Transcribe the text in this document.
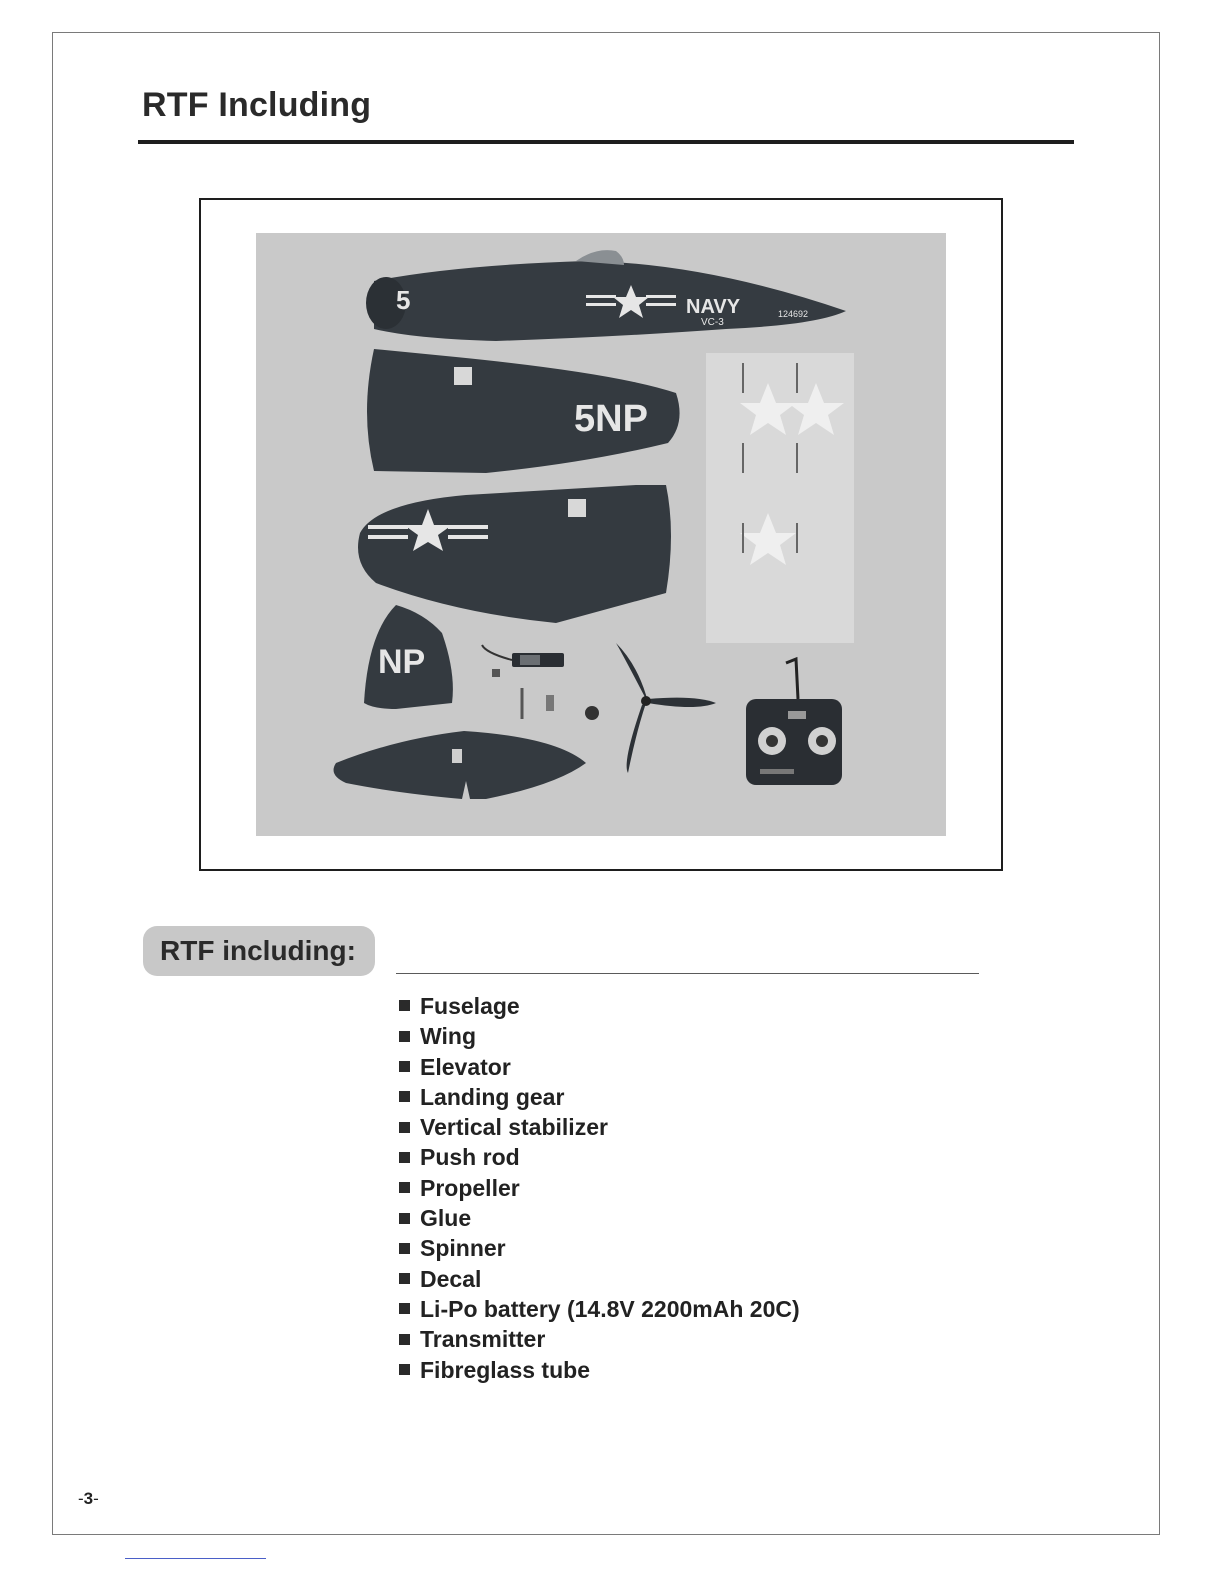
RTF Including
5	NAVY
VC-3
124692
5NP
NP
RTF including:
Fuselage
Wing
Elevator
Landing gear
Vertical stabilizer
Push rod
Propeller
Glue
Spinner
Decal
Li-Po battery (14.8V 2200mAh 20C)
Transmitter
Fibreglass tube
-3-
